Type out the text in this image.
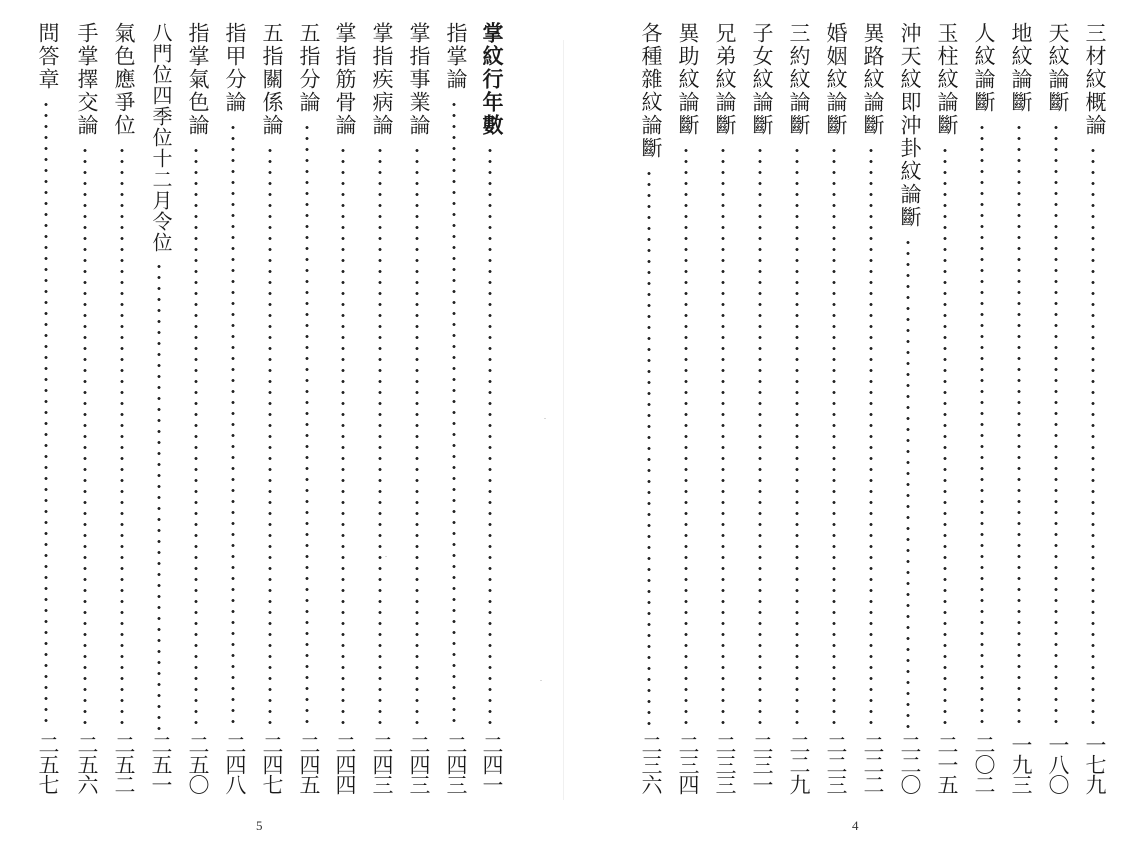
掌紋行年數
二四一
指掌論
二四三
掌指事業論
二四三
掌指疾病論
二四三
掌指筋骨論
二四四
五指分論
二四五
五指關係論
二四七
指甲分論
二四八
指掌氣色論
二五〇
八門位四季位十二月令位
二五一
氣色應爭位
二五二
手掌擇交論
二五六
問答章
二五七
5
三材紋概論
一七九
天紋論斷
一八〇
地紋論斷
一九三
人紋論斷
二〇二
玉柱紋論斷
二一五
沖天紋即沖卦紋論斷
二二〇
異路紋論斷
二二二
婚姻紋論斷
二二三
三約紋論斷
二二九
子女紋論斷
二三一
兄弟紋論斷
二三三
異助紋論斷
二三四
各種雜紋論斷
二三六
4
